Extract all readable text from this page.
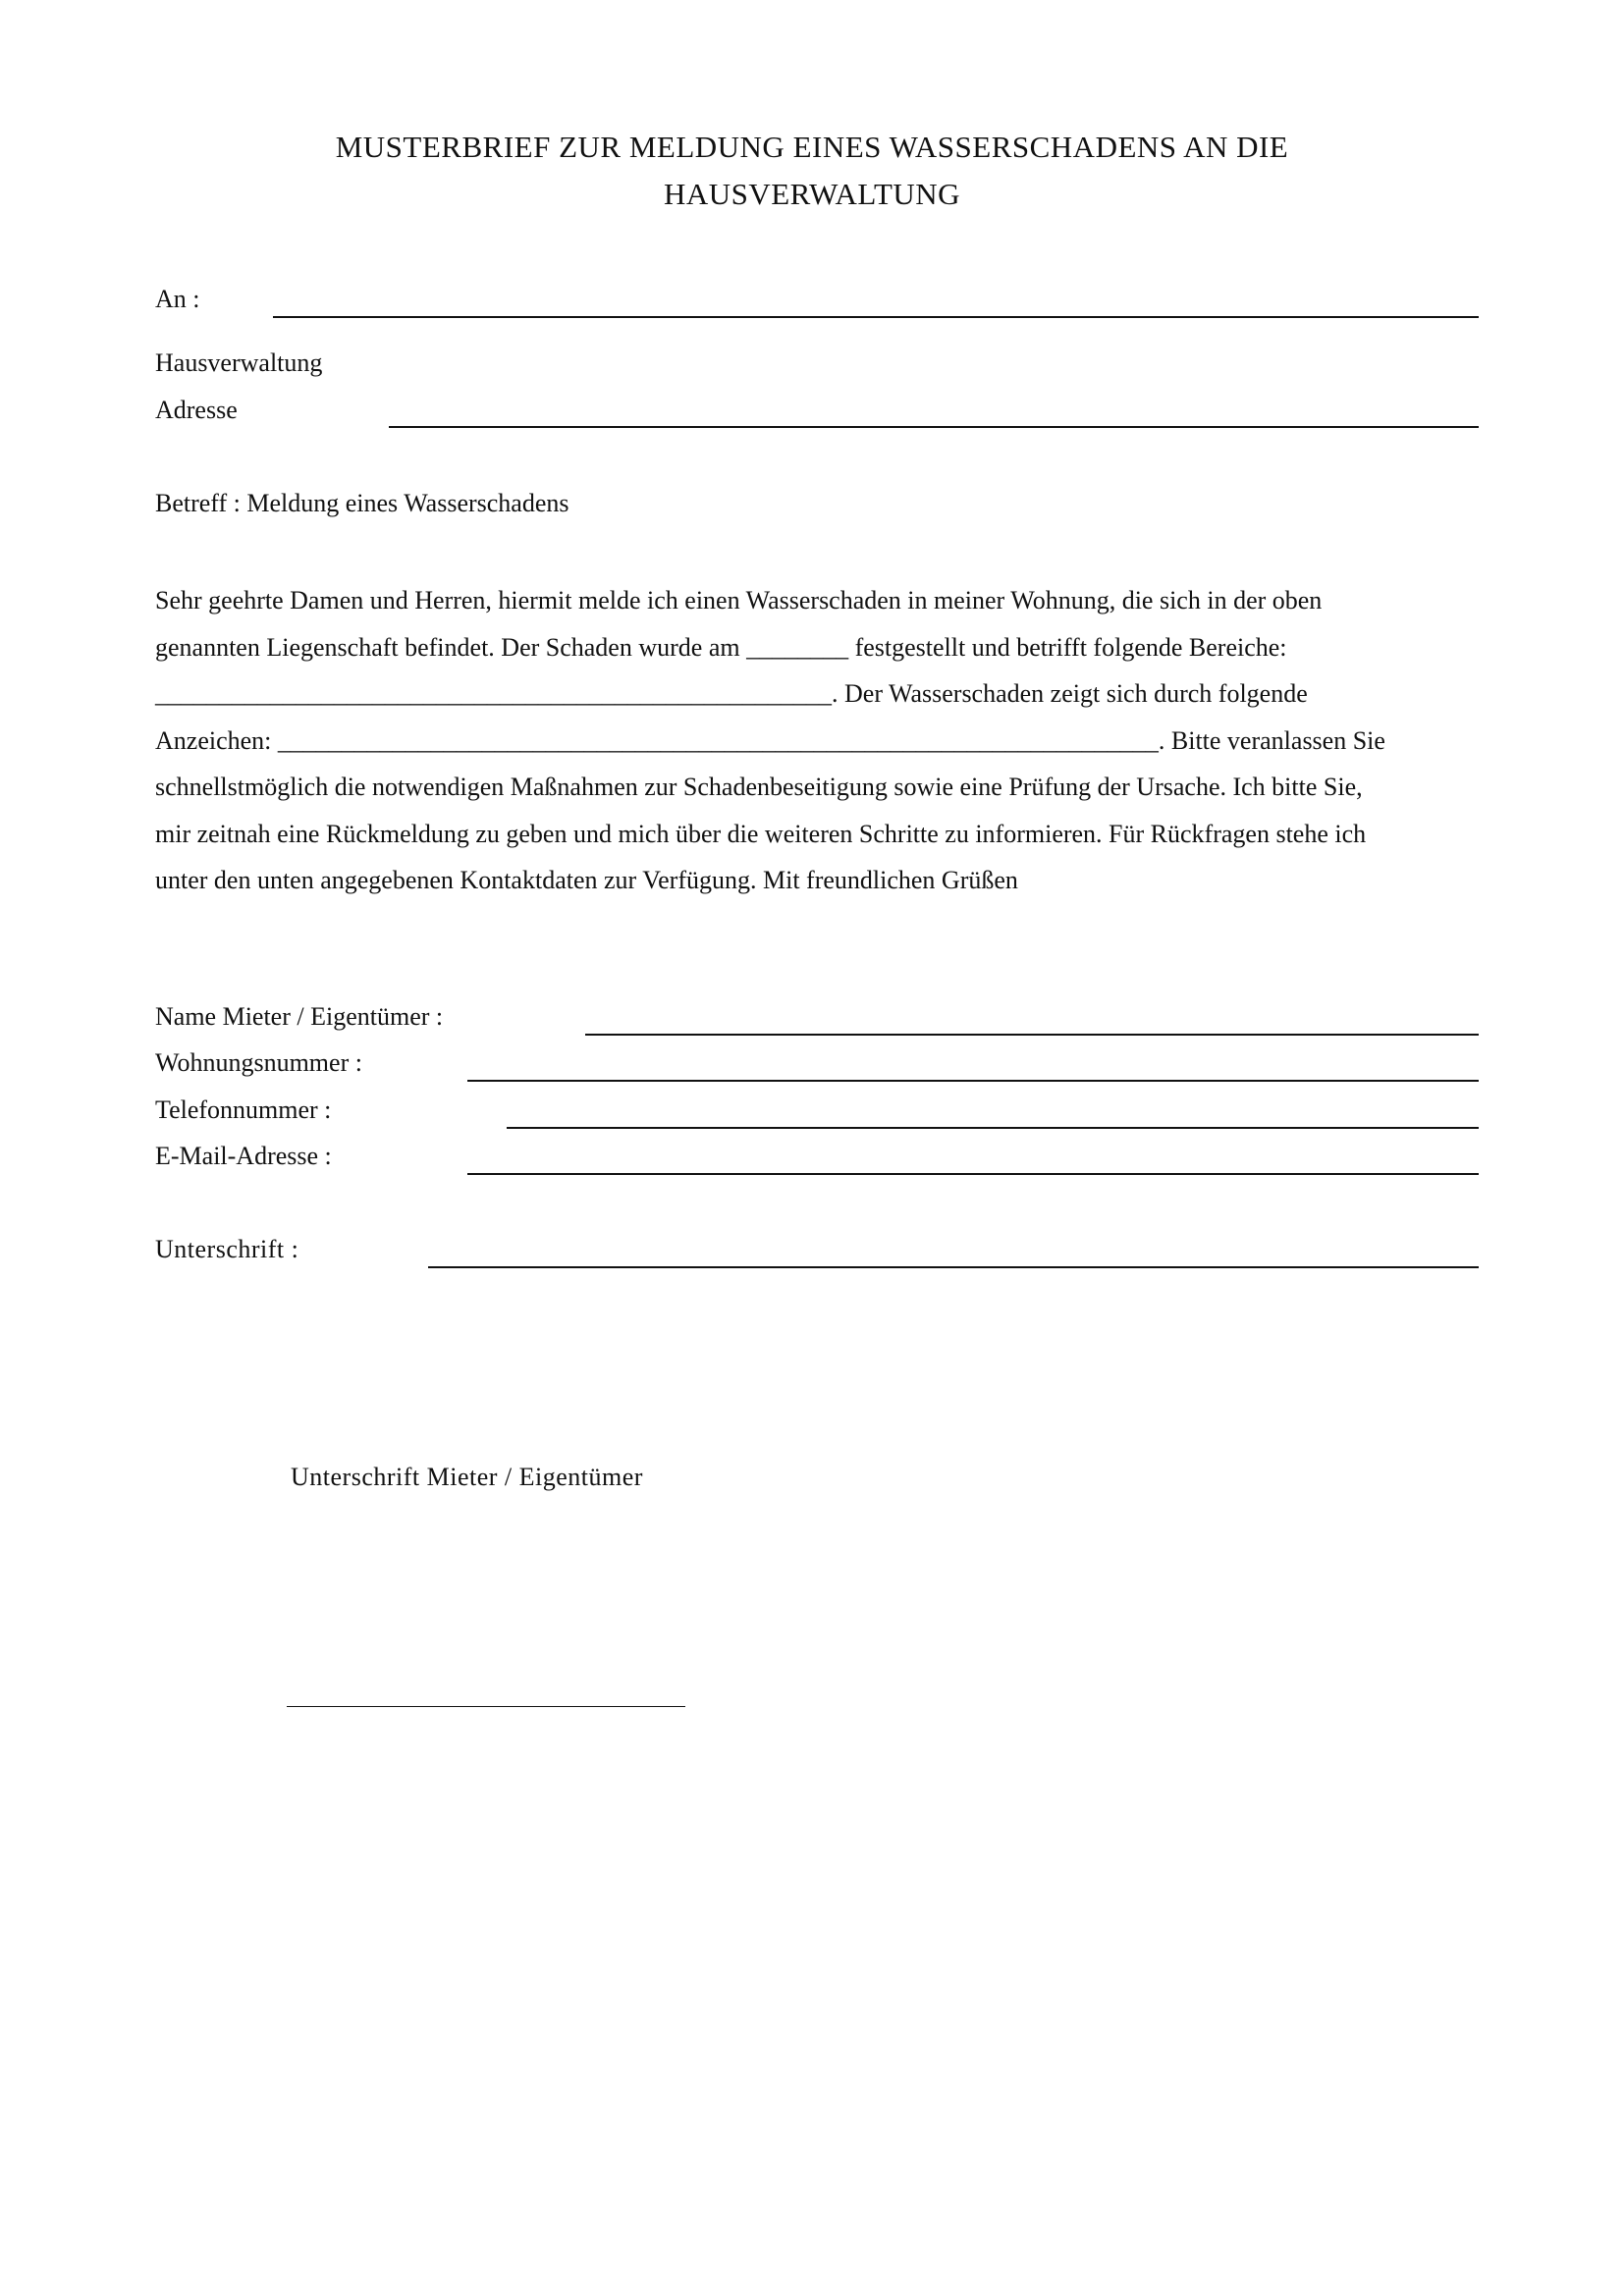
MUSTERBRIEF ZUR MELDUNG EINES WASSERSCHADENS AN DIE
HAUSVERWALTUNG
An :
Hausverwaltung
Adresse
Betreff : Meldung eines Wasserschadens
Sehr geehrte Damen und Herren, hiermit melde ich einen Wasserschaden in meiner Wohnung, die sich in der oben
genannten Liegenschaft befindet. Der Schaden wurde am ________ festgestellt und betrifft folgende Bereiche:
_____________________________________________________. Der Wasserschaden zeigt sich durch folgende
Anzeichen: _____________________________________________________________________. Bitte veranlassen Sie
schnellstmöglich die notwendigen Maßnahmen zur Schadenbeseitigung sowie eine Prüfung der Ursache. Ich bitte Sie,
mir zeitnah eine Rückmeldung zu geben und mich über die weiteren Schritte zu informieren. Für Rückfragen stehe ich
unter den unten angegebenen Kontaktdaten zur Verfügung. Mit freundlichen Grüßen
Name Mieter / Eigentümer :
Wohnungsnummer :
Telefonnummer :
E-Mail-Adresse :
Unterschrift :
Unterschrift Mieter / Eigentümer
